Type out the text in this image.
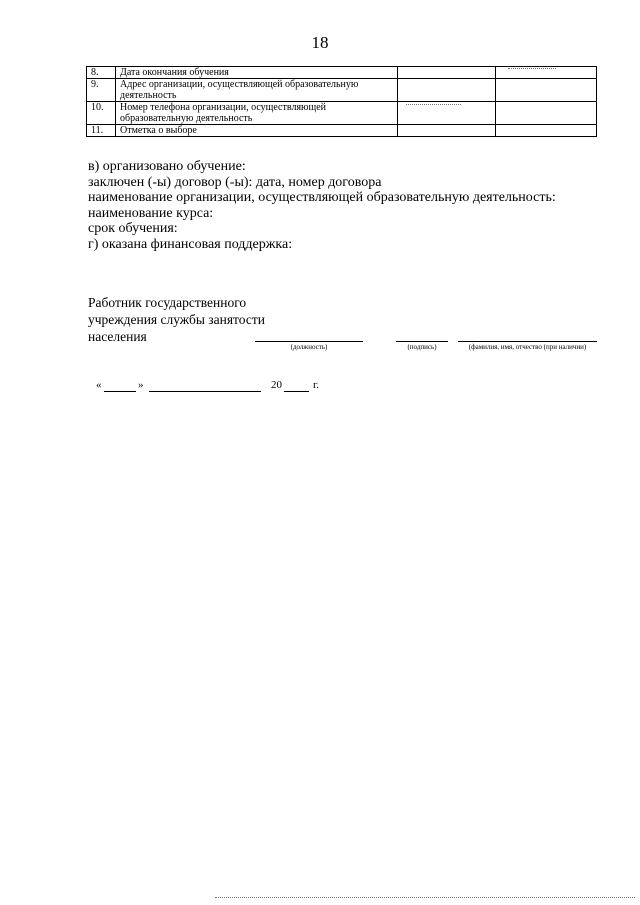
18
8.	Дата окончания обучения		
9.	Адрес организации, осуществляющей образовательную деятельность		
10.	Номер телефона организации, осуществляющей образовательную деятельность		
11.	Отметка о выборе		
в) организовано обучение:
заключен (-ы) договор (-ы): дата, номер договора
наименование организации, осуществляющей образовательную деятельность:
наименование курса:
срок обучения:
г) оказана финансовая поддержка:
Работник государственного
учреждения службы занятости
населения
(должность)	(подпись)	(фамилия, имя, отчество (при наличии)
«	»	20	г.
